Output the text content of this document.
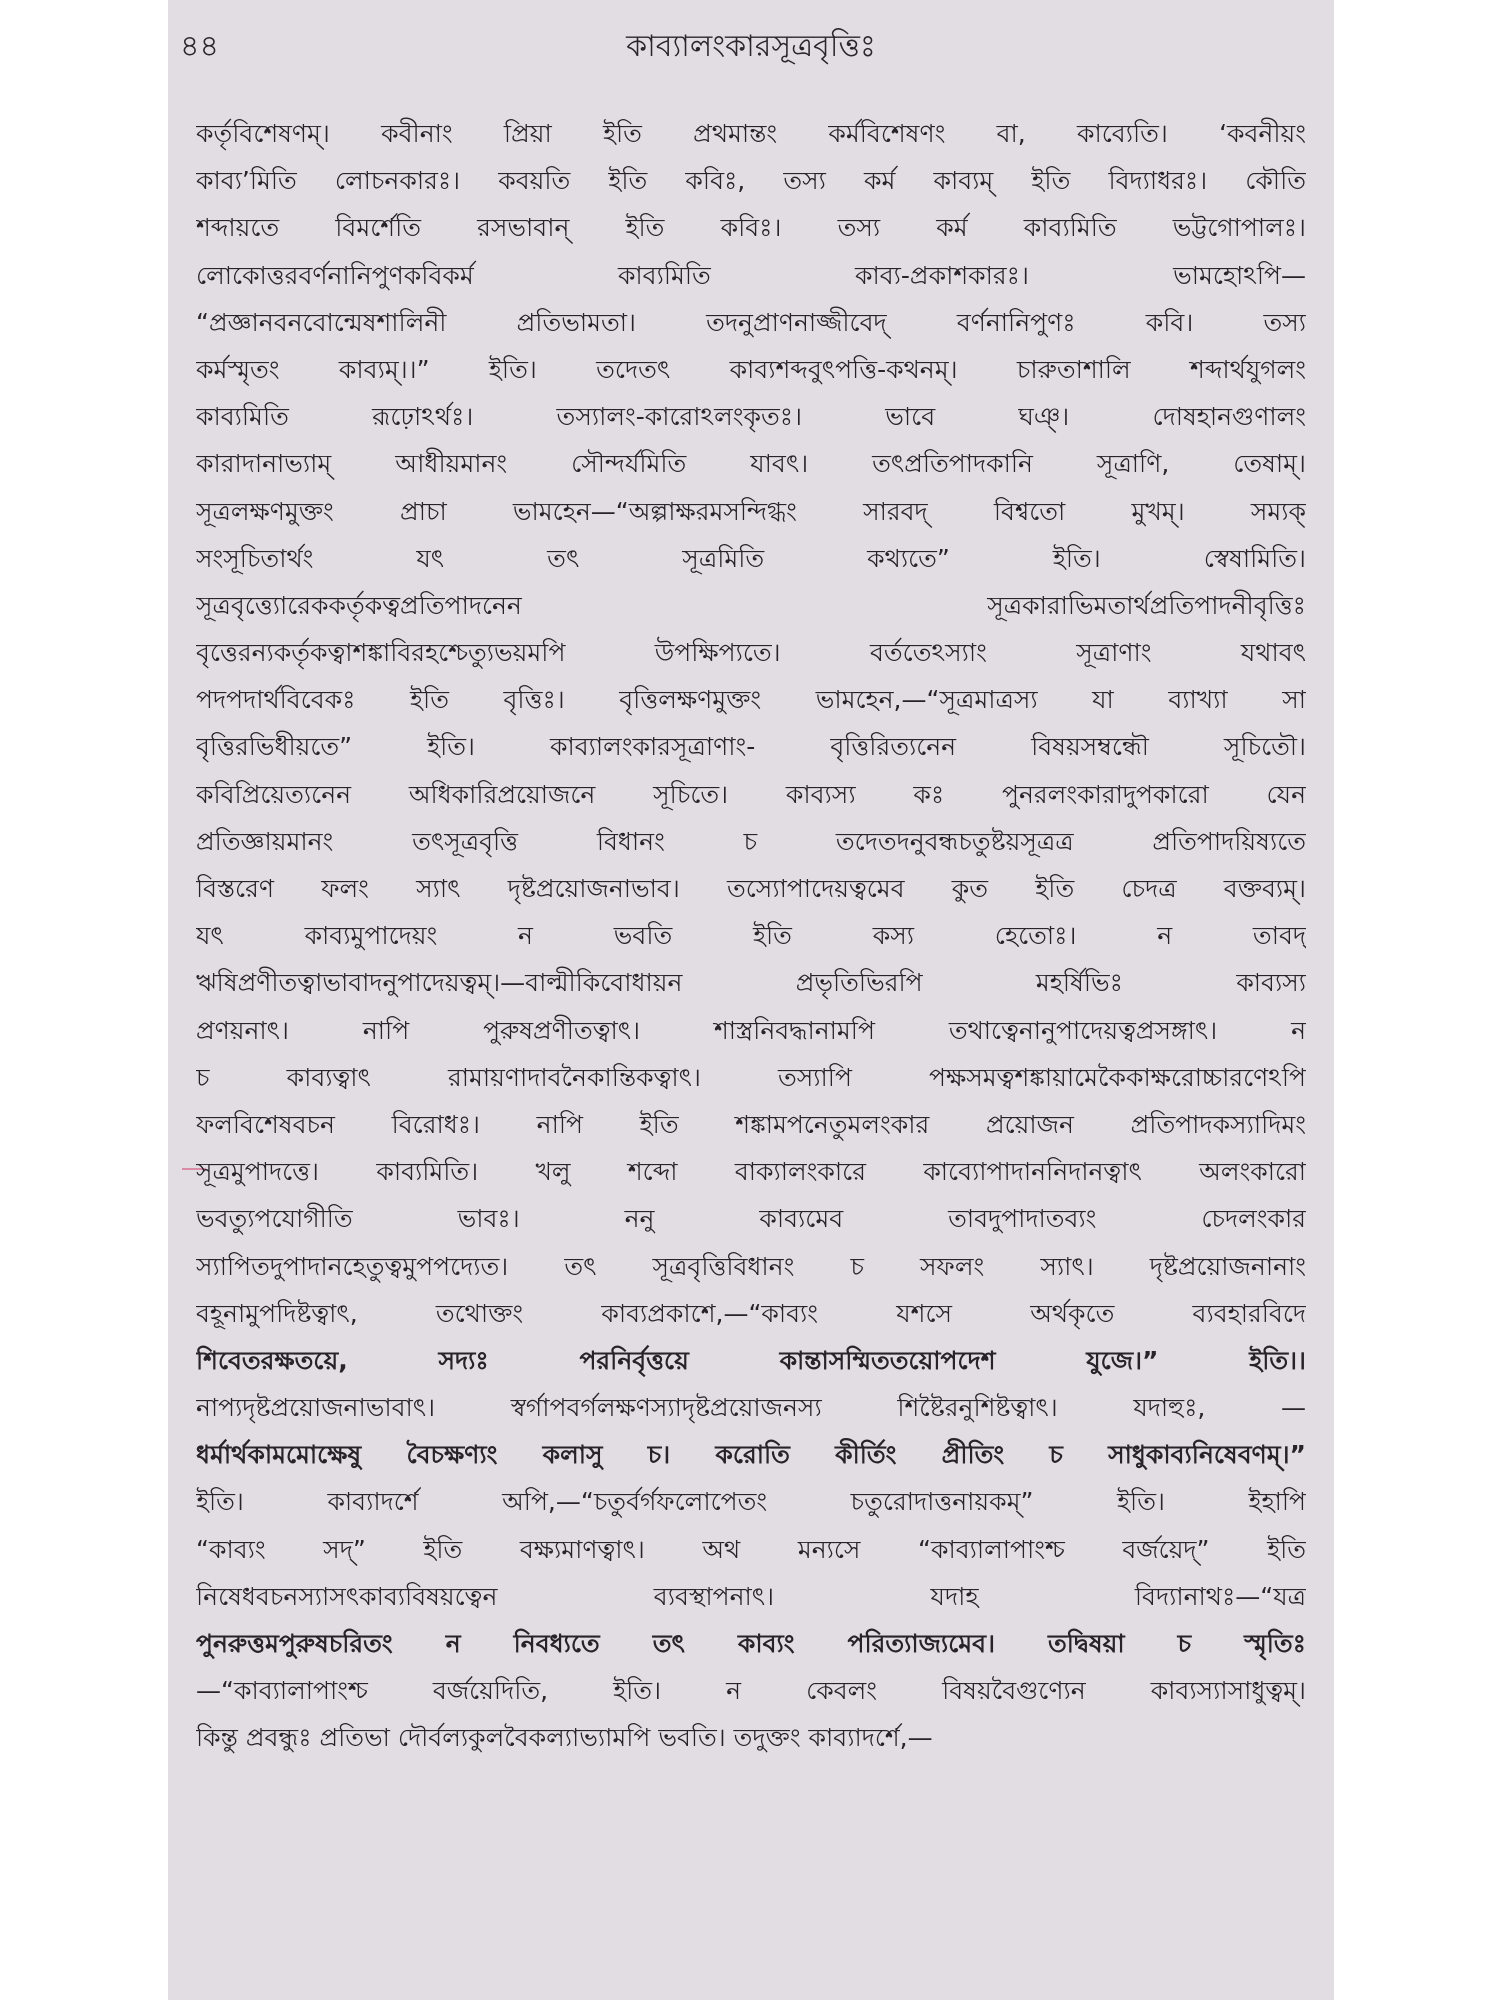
৪৪	কাব্যালংকারসূত্রবৃত্তিঃ
কর্তৃবিশেষণম্। কবীনাং প্রিয়া ইতি প্রথমান্তং কর্মবিশেষণং বা, কাব্যেতি। ‘কবনীয়ং
কাব্য’মিতি লোচনকারঃ। কবয়তি ইতি কবিঃ, তস্য কর্ম কাব্যম্ ইতি বিদ্যাধরঃ। কৌতি
শব্দায়তে বিমর্শেতি রসভাবান্ ইতি কবিঃ। তস্য কর্ম কাব্যমিতি ভট্টগোপালঃ।
লোকোত্তরবর্ণনানিপুণকবিকর্ম কাব্যমিতি কাব্য-প্রকাশকারঃ। ভামহোঽপি—
“প্রজ্ঞানবনবোন্মেষশালিনী প্রতিভামতা। তদনুপ্রাণনাজ্জীবেদ্ বর্ণনানিপুণঃ কবি। তস্য
কর্মস্মৃতং কাব্যম্।।” ইতি। তদেতৎ কাব্যশব্দবুৎপত্তি-কথনম্। চারুতাশালি শব্দার্থযুগলং
কাব্যমিতি রূঢ়োঽর্থঃ। তস্যালং-কারোঽলংকৃতঃ। ভাবে ঘঞ্। দোষহানগুণালং
কারাদানাভ্যাম্ আধীয়মানং সৌন্দর্যমিতি যাবৎ। তৎপ্রতিপাদকানি সূত্রাণি, তেষাম্।
সূত্রলক্ষণমুক্তং প্রাচা ভামহেন—“অল্পাক্ষরমসন্দিগ্ধং সারবদ্ বিশ্বতো মুখম্। সম্যক্
সংসূচিতার্থং যৎ তৎ সূত্রমিতি কথ্যতে” ইতি। স্বেষামিতি।
সূত্রবৃত্ত্যোরেককর্তৃকত্বপ্রতিপাদনেন সূত্রকারাভিমতার্থপ্রতিপাদনীবৃত্তিঃ
বৃত্তেরন্যকর্তৃকত্বাশঙ্কাবিরহশ্চেত্যুভয়মপি উপক্ষিপ্যতে। বর্ততেঽস্যাং সূত্রাণাং যথাবৎ
পদপদার্থবিবেকঃ ইতি বৃত্তিঃ। বৃত্তিলক্ষণমুক্তং ভামহেন,—“সূত্রমাত্রস্য যা ব্যাখ্যা সা
বৃত্তিরভিধীয়তে” ইতি। কাব্যালংকারসূত্রাণাং- বৃত্তিরিত্যনেন বিষয়সম্বন্ধৌ সূচিতৌ।
কবিপ্রিয়েত্যনেন অধিকারিপ্রয়োজনে সূচিতে। কাব্যস্য কঃ পুনরলংকারাদুপকারো যেন
প্রতিজ্ঞায়মানং তৎসূত্রবৃত্তি বিধানং চ তদেতদনুবন্ধচতুষ্টয়সূত্ৰত্র প্রতিপাদয়িষ্যতে
বিস্তরেণ ফলং স্যাৎ দৃষ্টপ্রয়োজনাভাব। তস্যোপাদেয়ত্বমেব কুত ইতি চেদত্র বক্তব্যম্।
যৎ কাব্যমুপাদেয়ং ন ভবতি ইতি কস্য হেতোঃ। ন তাবদ্
ঋষিপ্রণীতত্বাভাবাদনুপাদেয়ত্বম্।—বাল্মীকিবোধায়ন প্রভৃতিভিরপি মহর্ষিভিঃ কাব্যস্য
প্রণয়নাৎ। নাপি পুরুষপ্রণীতত্বাৎ। শাস্ত্রনিবদ্ধানামপি তথাত্বেনানুপাদেয়ত্বপ্রসঙ্গাৎ। ন
চ কাব্যত্বাৎ রামায়ণাদাবনৈকান্তিকত্বাৎ। তস্যাপি পক্ষসমত্বশঙ্কায়ামেকৈকাক্ষরোচ্চারণেঽপি
ফলবিশেষবচন বিরোধঃ। নাপি ইতি শঙ্কামপনেতুমলংকার প্রয়োজন প্রতিপাদকস্যাদিমং
সূত্রমুপাদত্তে। কাব্যমিতি। খলু শব্দো বাক্যালংকারে কাব্যোপাদাননিদানত্বাৎ অলংকারো
ভবত্যুপযোগীতি ভাবঃ। ননু কাব্যমেব তাবদুপাদাতব্যং চেদলংকার
স্যাপিতদুপাদানহেতুত্বমুপপদ্যেত। তৎ সূত্রবৃত্তিবিধানং চ সফলং স্যাৎ। দৃষ্টপ্রয়োজনানাং
বহূনামুপদিষ্টত্বাৎ, তথোক্তং কাব্যপ্রকাশে,—“কাব্যং যশসে অর্থকৃতে ব্যবহারবিদে
শিবেতরক্ষতয়ে, সদ্যঃ পরনির্বৃত্তয়ে কান্তাসম্মিততয়োপদেশ যুজে।” ইতি।।
নাপ্যদৃষ্টপ্রয়োজনাভাবাৎ। স্বর্গাপবর্গলক্ষণস্যাদৃষ্টপ্রয়োজনস্য শিষ্টৈরনুশিষ্টত্বাৎ। যদাহুঃ, —
ধর্মার্থকামমোক্ষেষু বৈচক্ষণ্যং কলাসু চ। করোতি কীর্তিং প্রীতিং চ সাধুকাব্যনিষেবণম্।”
ইতি। কাব্যাদর্শে অপি,—“চতুর্বর্গফলোপেতং চতুরোদাত্তনায়কম্” ইতি। ইহাপি
“কাব্যং সদ্” ইতি বক্ষ্যমাণত্বাৎ। অথ মন্যসে “কাব্যালাপাংশ্চ বর্জয়েদ্” ইতি
নিষেধবচনস্যাসৎকাব্যবিষয়ত্বেন ব্যবস্থাপনাৎ। যদাহ বিদ্যানাথঃ—“যত্র
পুনরুত্তমপুরুষচরিতং ন নিবধ্যতে তৎ কাব্যং পরিত্যাজ্যমেব। তদ্বিষয়া চ স্মৃতিঃ
—“কাব্যালাপাংশ্চ বর্জয়েদিতি, ইতি। ন কেবলং বিষয়বৈগুণ্যেন কাব্যস্যাসাধুত্বম্।
কিন্তু প্রবন্ধুঃ প্রতিভা দৌর্বল্যকুলবৈকল্যাভ্যামপি ভবতি। তদুক্তং কাব্যাদর্শে,—
